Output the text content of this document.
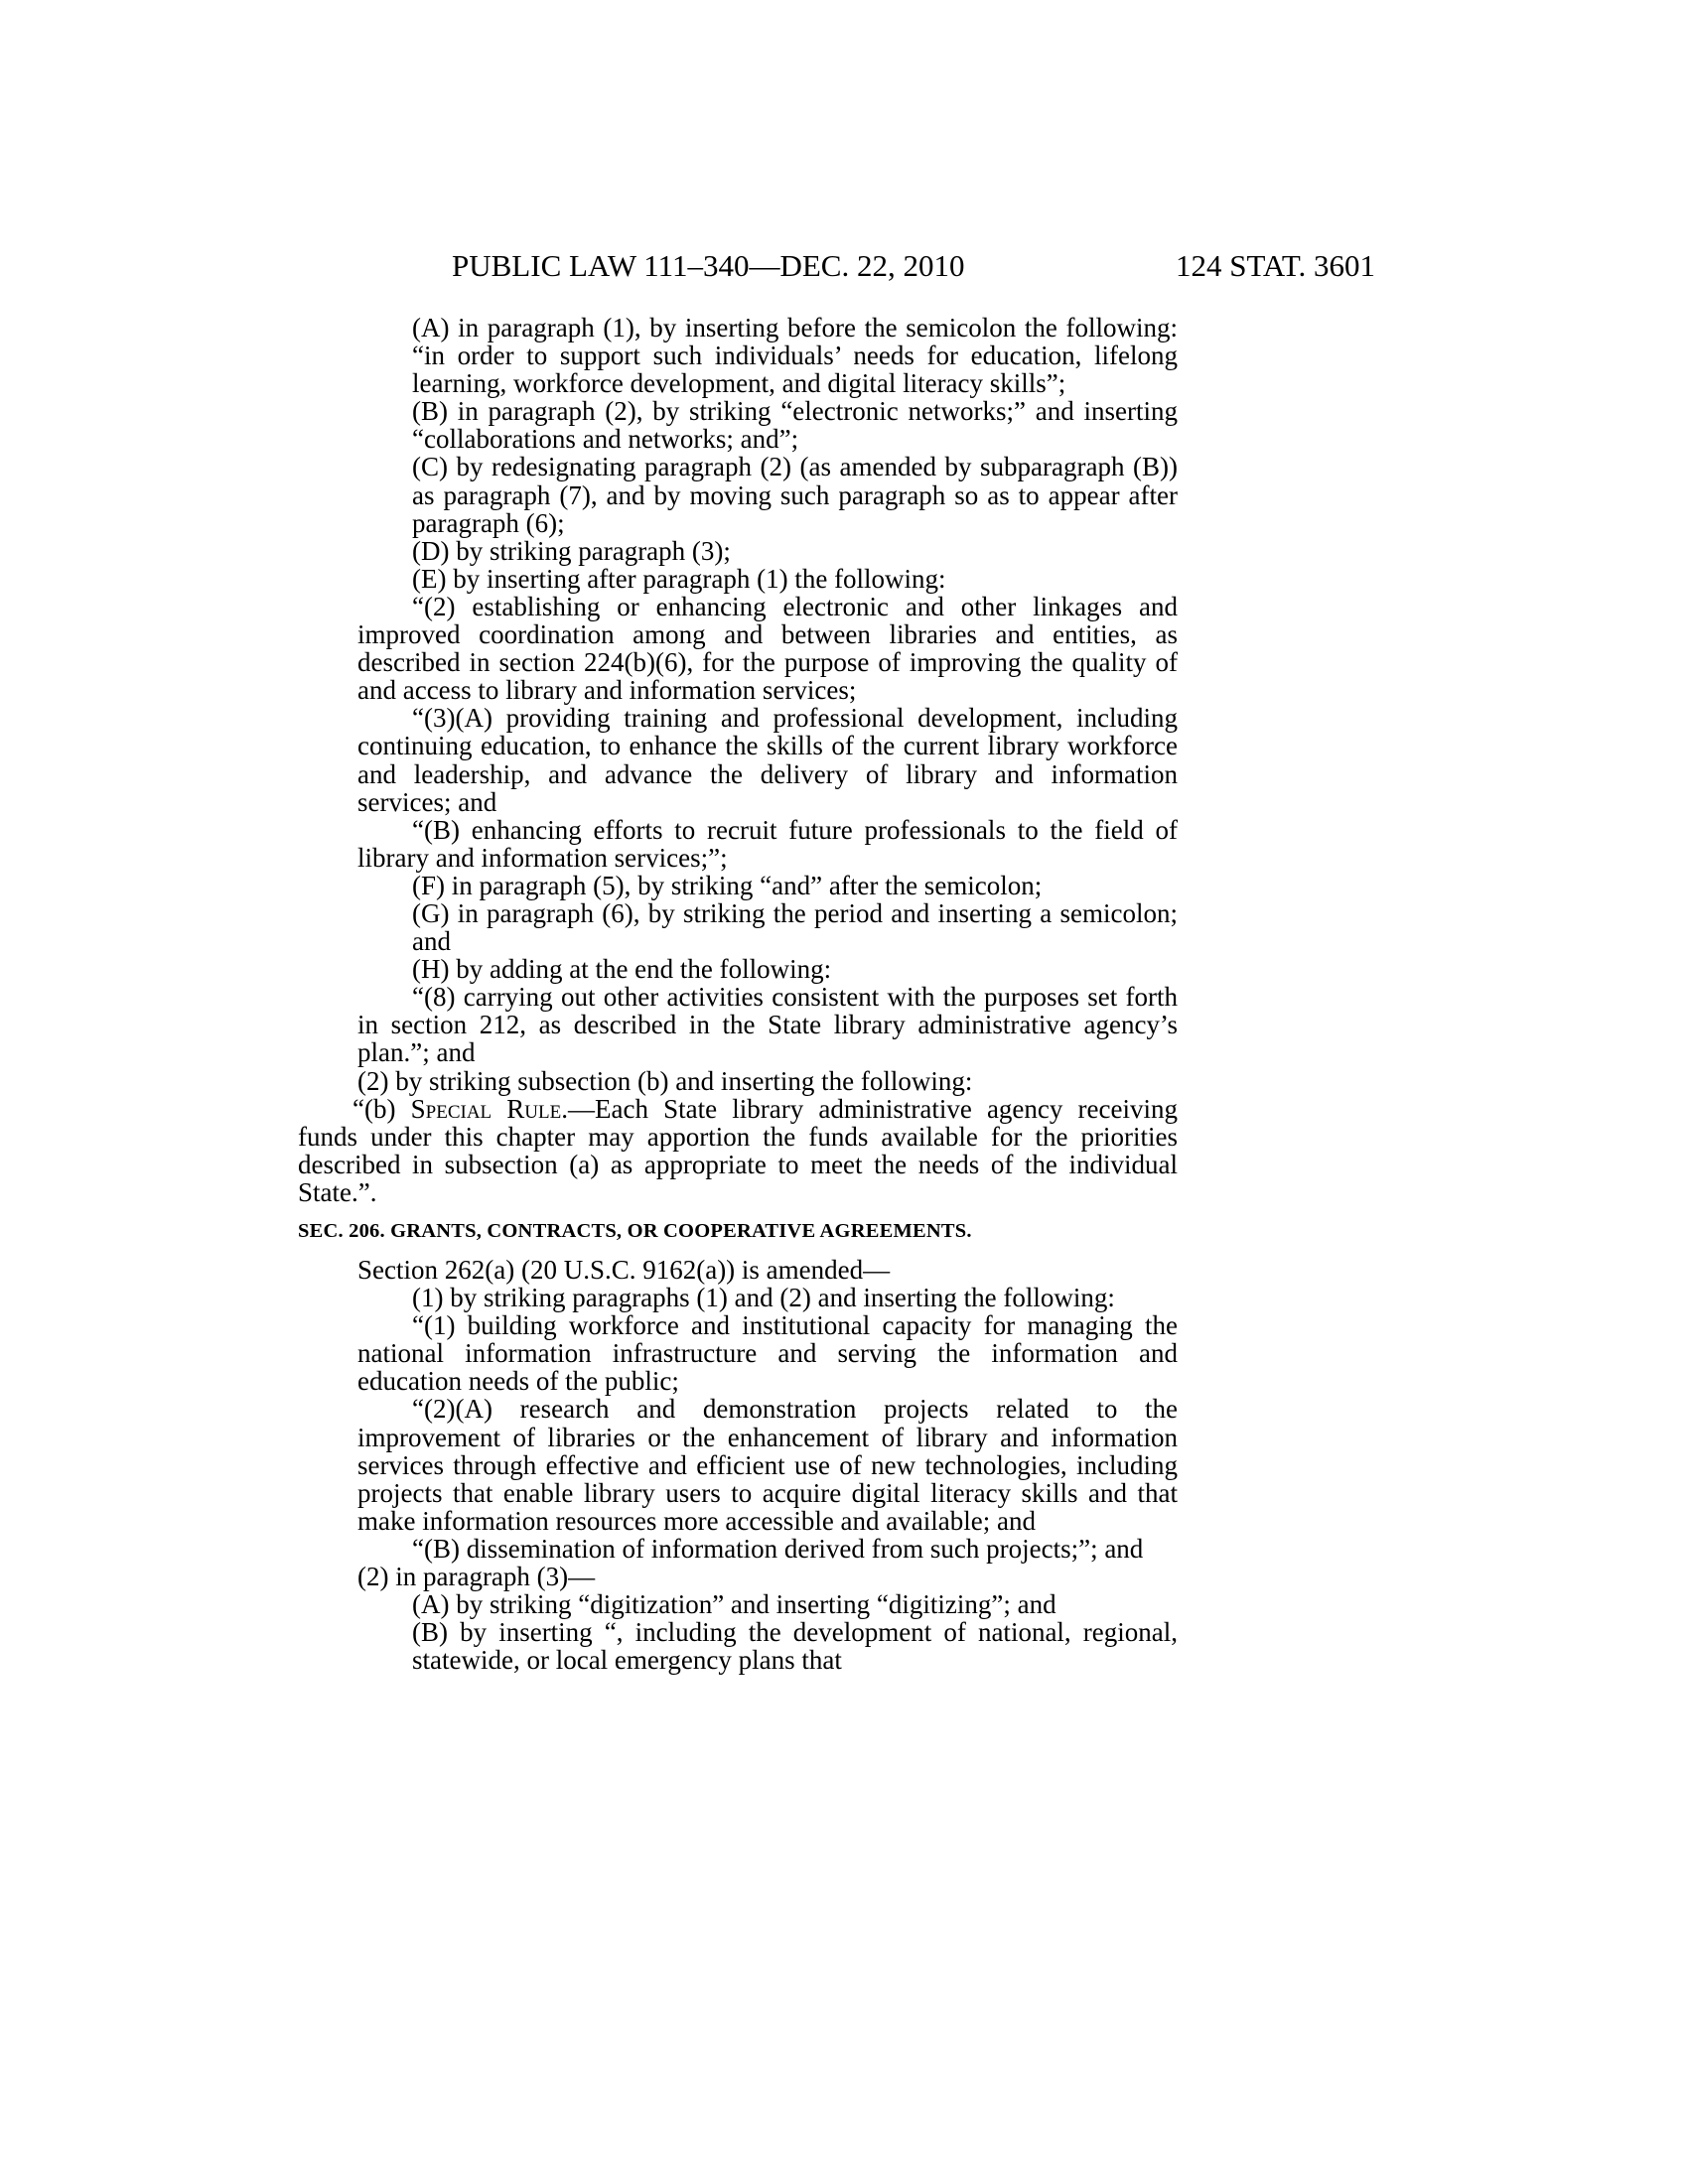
PUBLIC LAW 111–340—DEC. 22, 2010	124 STAT. 3601

(A) in paragraph (1), by inserting before the semicolon the following: “in order to support such individuals’ needs for education, lifelong learning, workforce development, and digital literacy skills”;

(B) in paragraph (2), by striking “electronic networks;” and inserting “collaborations and networks; and”;

(C) by redesignating paragraph (2) (as amended by subparagraph (B)) as paragraph (7), and by moving such paragraph so as to appear after paragraph (6);

(D) by striking paragraph (3);

(E) by inserting after paragraph (1) the following:

“(2) establishing or enhancing electronic and other linkages and improved coordination among and between libraries and entities, as described in section 224(b)(6), for the purpose of improving the quality of and access to library and information services;

“(3)(A) providing training and professional development, including continuing education, to enhance the skills of the current library workforce and leadership, and advance the delivery of library and information services; and

“(B) enhancing efforts to recruit future professionals to the field of library and information services;”;

(F) in paragraph (5), by striking “and” after the semicolon;

(G) in paragraph (6), by striking the period and inserting a semicolon; and

(H) by adding at the end the following:

“(8) carrying out other activities consistent with the purposes set forth in section 212, as described in the State library administrative agency’s plan.”; and

(2) by striking subsection (b) and inserting the following:

“(b) Special Rule.—Each State library administrative agency receiving funds under this chapter may apportion the funds available for the priorities described in subsection (a) as appropriate to meet the needs of the individual State.”.

SEC. 206. GRANTS, CONTRACTS, OR COOPERATIVE AGREEMENTS.

Section 262(a) (20 U.S.C. 9162(a)) is amended—

(1) by striking paragraphs (1) and (2) and inserting the following:

“(1) building workforce and institutional capacity for managing the national information infrastructure and serving the information and education needs of the public;

“(2)(A) research and demonstration projects related to the improvement of libraries or the enhancement of library and information services through effective and efficient use of new technologies, including projects that enable library users to acquire digital literacy skills and that make information resources more accessible and available; and

“(B) dissemination of information derived from such projects;”; and

(2) in paragraph (3)—

(A) by striking “digitization” and inserting “digitizing”; and

(B) by inserting “, including the development of national, regional, statewide, or local emergency plans that
